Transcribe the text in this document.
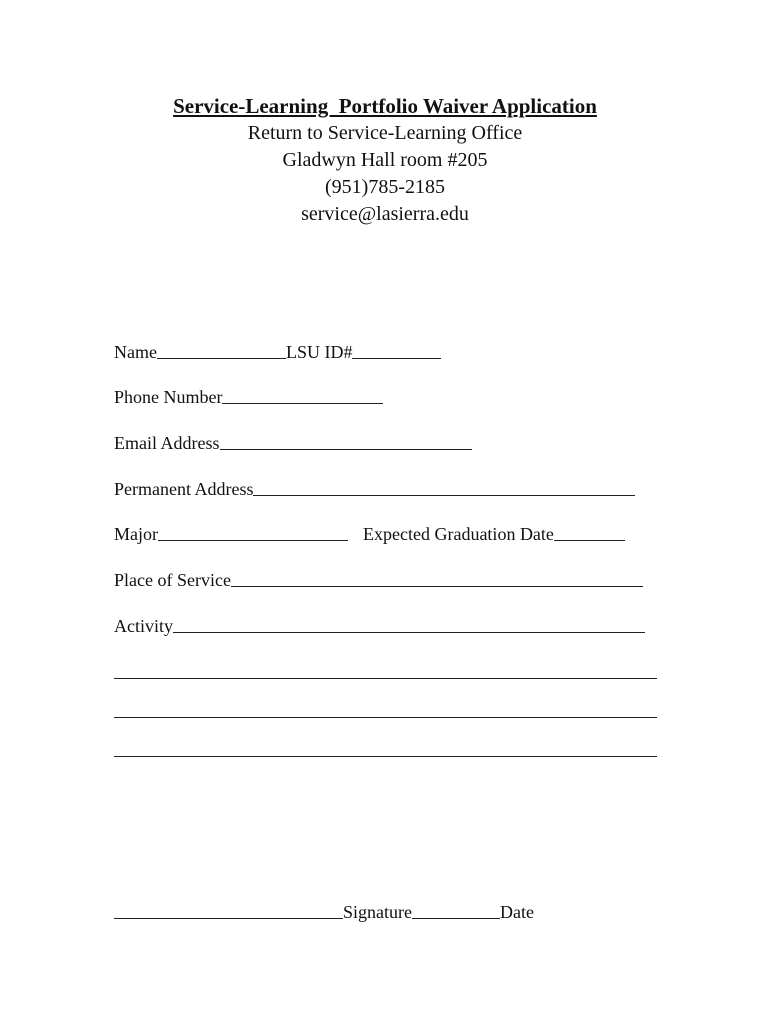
Service-Learning  Portfolio Waiver Application
Return to Service-Learning Office
Gladwyn Hall room #205
(951)785-2185
service@lasierra.edu
Name	LSU ID#
Phone Number
Email Address
Permanent Address
Major	Expected Graduation Date
Place of Service
Activity
Signature	Date
